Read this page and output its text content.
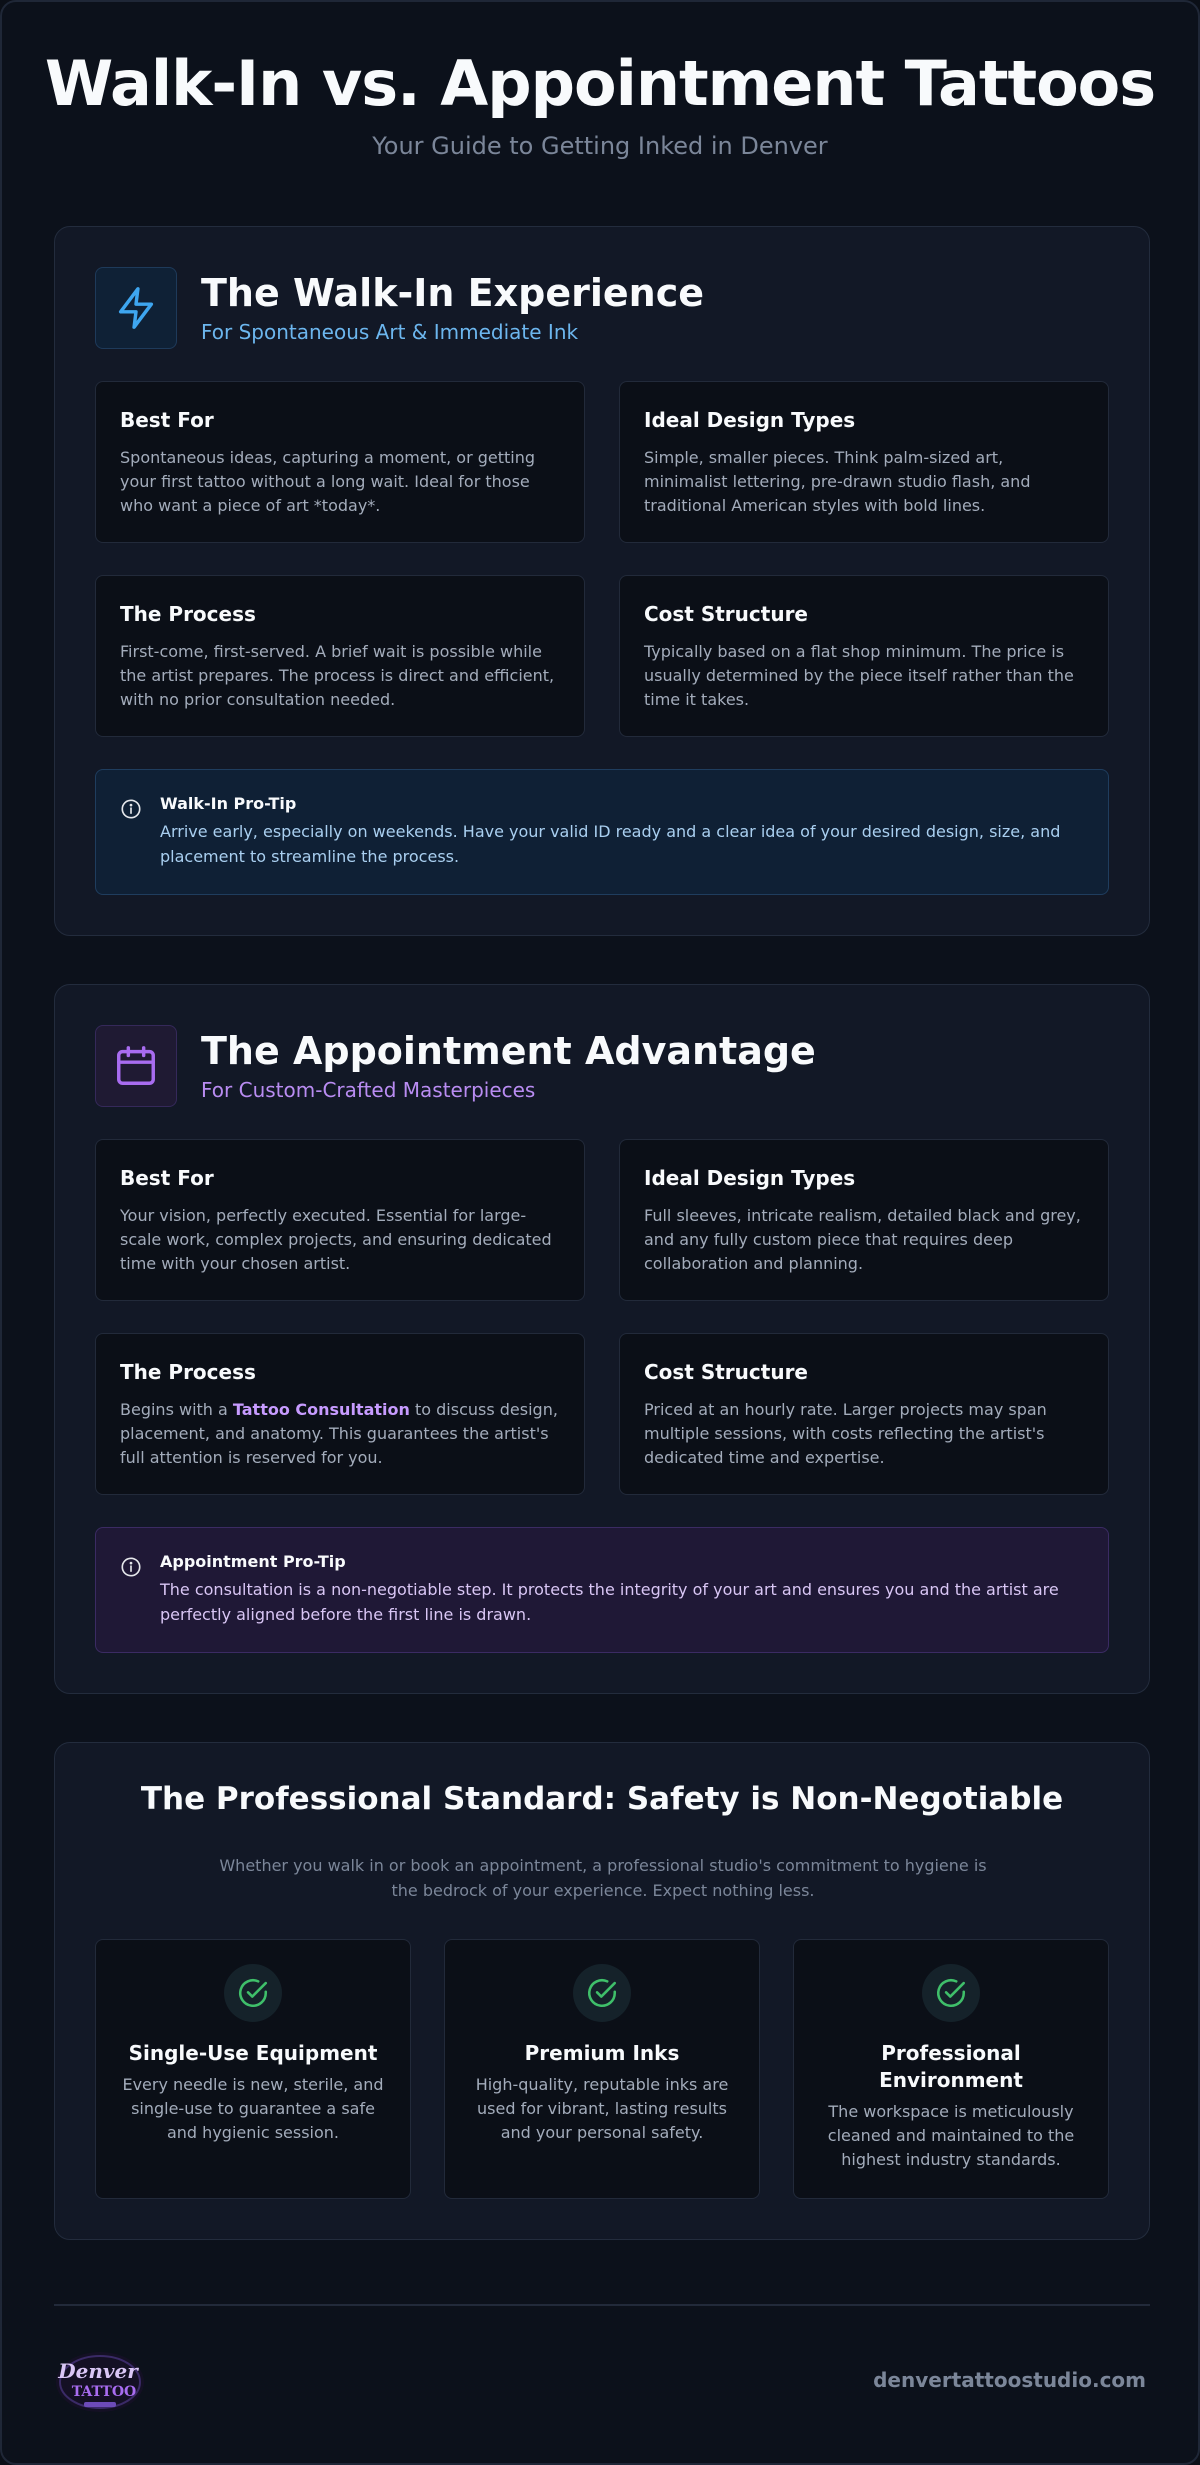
Walk-In vs. Appointment Tattoos

Your Guide to Getting Inked in Denver

The Walk-In Experience
For Spontaneous Art & Immediate Ink
Best For

Spontaneous ideas, capturing a moment, or getting your first tattoo without a long wait. Ideal for those who want a piece of art *today*.

Ideal Design Types

Simple, smaller pieces. Think palm-sized art, minimalist lettering, pre-drawn studio flash, and traditional American styles with bold lines.

The Process

First-come, first-served. A brief wait is possible while the artist prepares. The process is direct and efficient, with no prior consultation needed.

Cost Structure

Typically based on a flat shop minimum. The price is usually determined by the piece itself rather than the time it takes.

Walk-In Pro-Tip

Arrive early, especially on weekends. Have your valid ID ready and a clear idea of your desired design, size, and placement to streamline the process.

The Appointment Advantage
For Custom-Crafted Masterpieces
Best For

Your vision, perfectly executed. Essential for large-scale work, complex projects, and ensuring dedicated time with your chosen artist.

Ideal Design Types

Full sleeves, intricate realism, detailed black and grey, and any fully custom piece that requires deep collaboration and planning.

The Process

Begins with a Tattoo Consultation to discuss design, placement, and anatomy. This guarantees the artist's full attention is reserved for you.

Cost Structure

Priced at an hourly rate. Larger projects may span multiple sessions, with costs reflecting the artist's dedicated time and expertise.

Appointment Pro-Tip

The consultation is a non-negotiable step. It protects the integrity of your art and ensures you and the artist are perfectly aligned before the first line is drawn.

The Professional Standard: Safety is Non-Negotiable

Whether you walk in or book an appointment, a professional studio's commitment to hygiene is the bedrock of your experience. Expect nothing less.

Single-Use Equipment

Every needle is new, sterile, and single-use to guarantee a safe and hygienic session.

Premium Inks

High-quality, reputable inks are used for vibrant, lasting results and your personal safety.

Professional Environment

The workspace is meticulously cleaned and maintained to the highest industry standards.

Denver
TATTOO	denvertattoostudio.com
